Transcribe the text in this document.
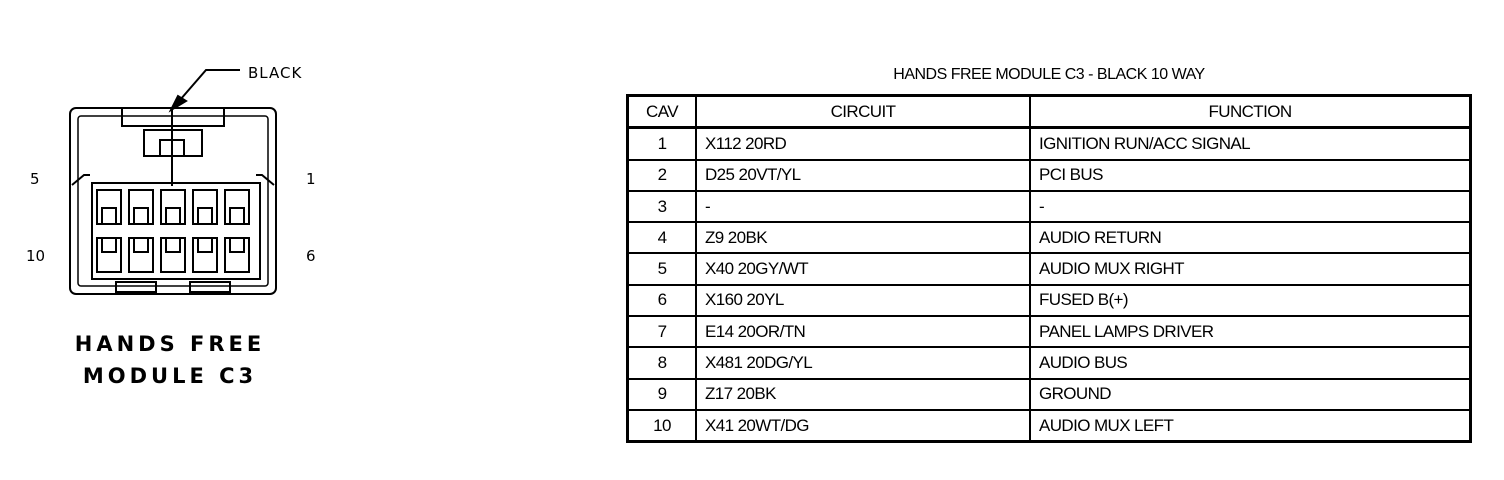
BLACK
5	1
10	6
HANDS FREE
MODULE C3
HANDS FREE MODULE C3 - BLACK 10 WAY
CAV	CIRCUIT	FUNCTION
1	X112 20RD	IGNITION RUN/ACC SIGNAL
2	D25 20VT/YL	PCI BUS
3	-	-
4	Z9 20BK	AUDIO RETURN
5	X40 20GY/WT	AUDIO MUX RIGHT
6	X160 20YL	FUSED B(+)
7	E14 20OR/TN	PANEL LAMPS DRIVER
8	X481 20DG/YL	AUDIO BUS
9	Z17 20BK	GROUND
10	X41 20WT/DG	AUDIO MUX LEFT
